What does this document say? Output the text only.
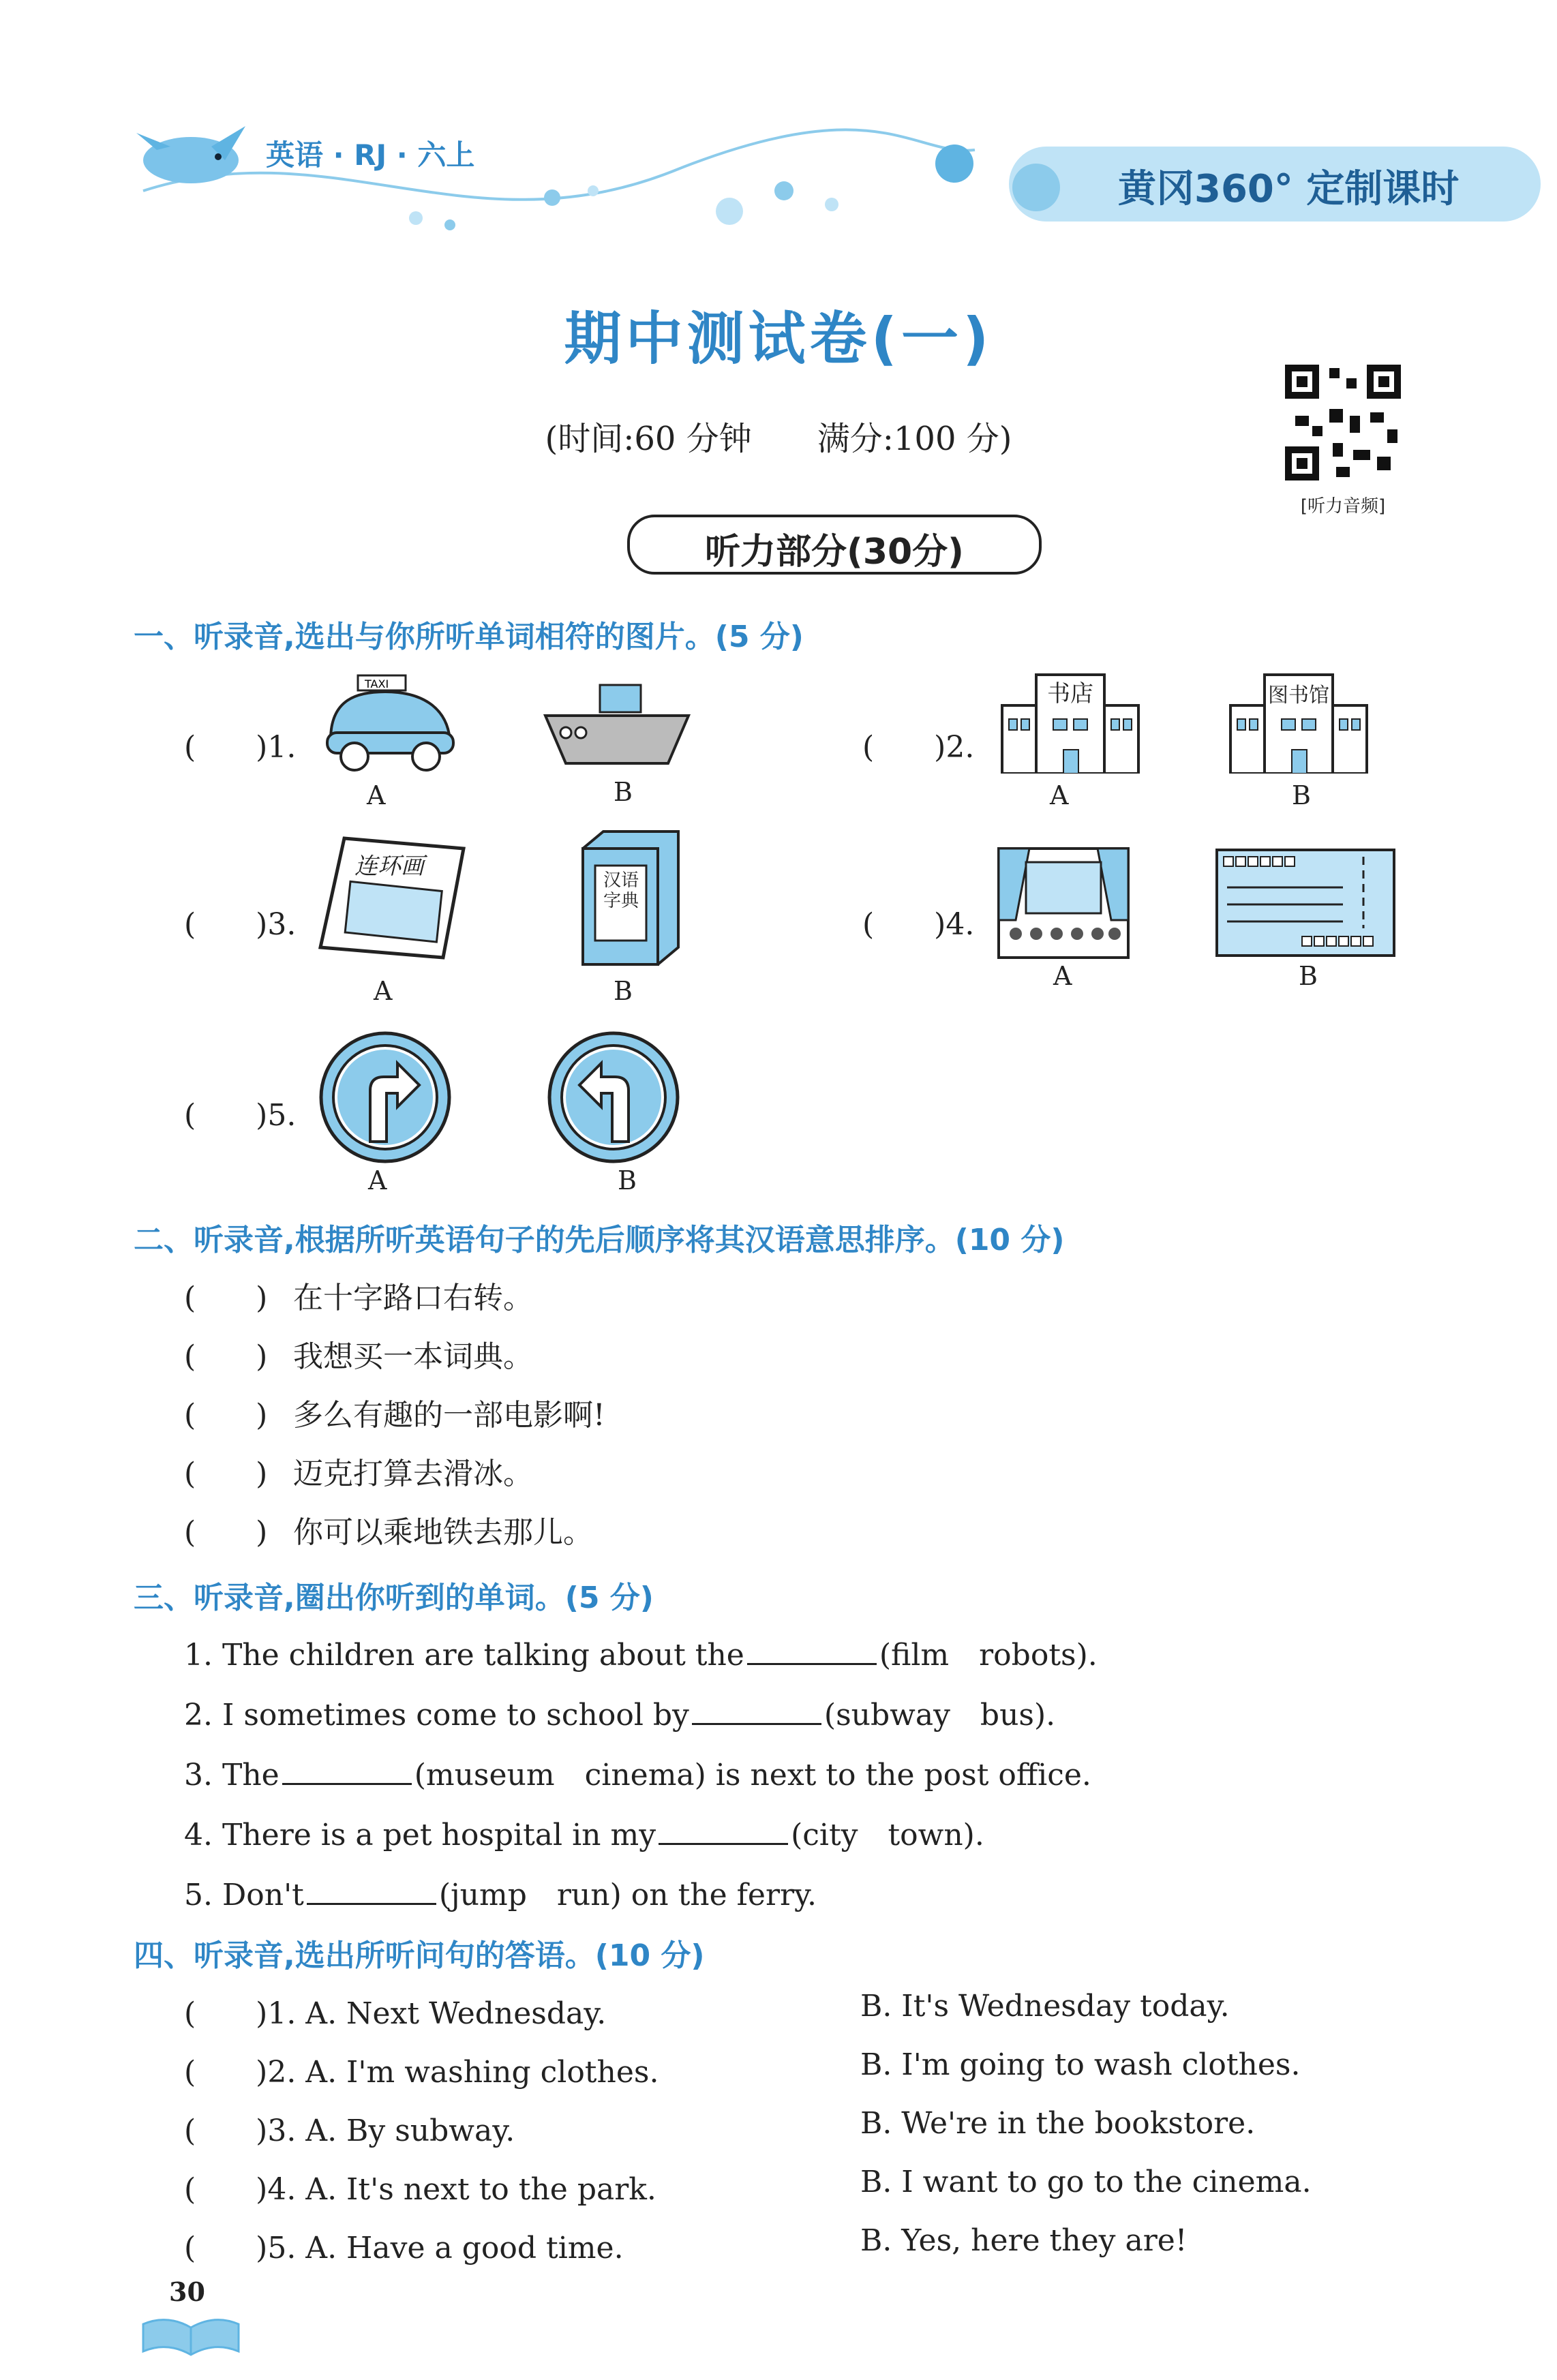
英语 · RJ · 六上
黄冈360° 定制课时
期中测试卷(一)
(时间:60 分钟　　满分:100 分)
[听力音频]
听力部分(30分)
一、听录音,选出与你所听单词相符的图片。(5 分)
(　　)1.
TAXI
A	B
(　　)2.
书店
A
图书馆
B
(　　)3.
连环画
A
汉语字典
B
(　　)4.
A	B
(　　)5.
A	B
二、听录音,根据所听英语句子的先后顺序将其汉语意思排序。(10 分)
(　　) 在十字路口右转。
(　　) 我想买一本词典。
(　　) 多么有趣的一部电影啊!
(　　) 迈克打算去滑冰。
(　　) 你可以乘地铁去那儿。
三、听录音,圈出你听到的单词。(5 分)
1. The children are talking about the	(film　robots).
2. I sometimes come to school by	(subway　bus).
3. The	(museum　cinema) is next to the post office.
4. There is a pet hospital in my	(city　town).
5. Don't	(jump　run) on the ferry.
四、听录音,选出所听问句的答语。(10 分)
(　　)1. A. Next Wednesday.	B. It's Wednesday today.
(　　)2. A. I'm washing clothes.	B. I'm going to wash clothes.
(　　)3. A. By subway.	B. We're in the bookstore.
(　　)4. A. It's next to the park.	B. I want to go to the cinema.
(　　)5. A. Have a good time.	B. Yes, here they are!
30
